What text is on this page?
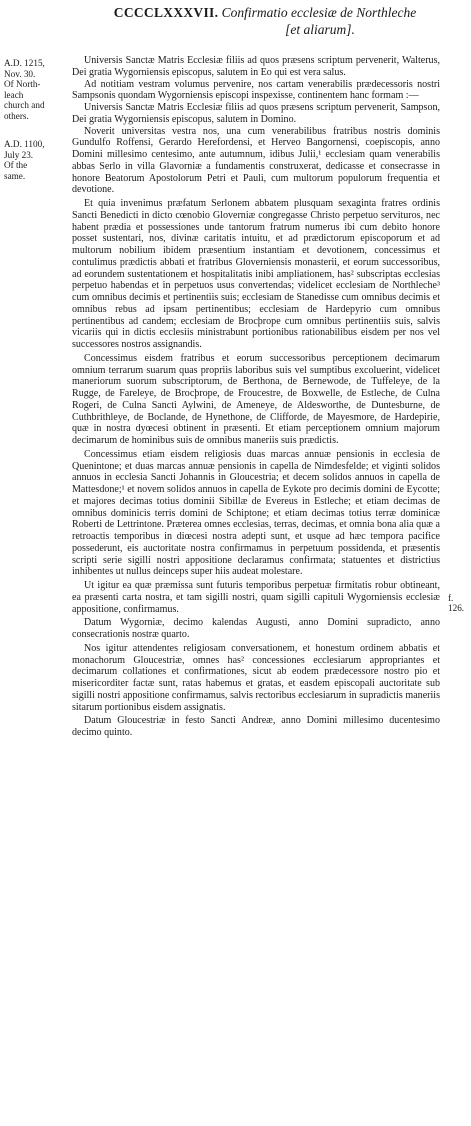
CCCCLXXXVII. Confirmatio ecclesiæ de Northleche
[et aliarum].
A.D. 1215,
Nov. 30.
Of North-
leach
church and
others.
A.D. 1100,
July 23.
Of the
same.
f. 126.

Universis Sanctæ Matris Ecclesiæ filiis ad quos præsens scriptum pervenerit, Walterus, Dei gratia Wygorniensis episcopus, salutem in Eo qui est vera salus.

Ad notitiam vestram volumus pervenire, nos cartam venerabilis prædecessoris nostri Sampsonis quondam Wygorniensis episcopi inspexisse, continentem hanc formam :—

Universis Sanctæ Matris Ecclesiæ filiis ad quos præsens scriptum pervenerit, Sampson, Dei gratia Wygorniensis episcopus, salutem in Domino.

Noverit universitas vestra nos, una cum venerabilibus fratribus nostris dominis Gundulfo Roffensi, Gerardo Herefordensi, et Herveo Bangornensi, coepiscopis, anno Domini millesimo centesimo, ante autumnum, idibus Julii,¹ ecclesiam quam venerabilis abbas Serlo in villa Glavorniæ a fundamentis construxerat, dedicasse et consecrasse in honore Beatorum Apostolorum Petri et Pauli, cum multorum populorum frequentia et devotione.

Et quia invenimus præfatum Serlonem abbatem plusquam sexaginta fratres ordinis Sancti Benedicti in dicto cœnobio Gloverniæ congregasse Christo perpetuo servituros, nec habent prædia et possessiones unde tantorum fratrum numerus ibi cum debito honore posset sustentari, nos, divinæ caritatis intuitu, et ad prædictorum episcoporum et ad multorum nobilium ibidem præsentium instantiam et devotionem, concessimus et contulimus prædictis abbati et fratribus Gloverniensis monasterii, et eorum successoribus, ad eorundem sustentationem et hospitalitatis inibi ampliationem, has² subscriptas ecclesias perpetuo habendas et in perpetuos usus convertendas; videlicet ecclesiam de Northleche³ cum omnibus decimis et pertinentiis suis; ecclesiam de Stanedisse cum omnibus decimis et omnibus rebus ad ipsam pertinentibus; ecclesiam de Hardepyrio cum omnibus pertinentibus ad candem; ecclesiam de Brocþrope cum omnibus pertinentiis suis, salvis vicariis qui in dictis ecclesiis ministrabunt portionibus rationabilibus eisdem per nos vel successores nostros assignandis.

Concessimus eisdem fratribus et eorum successoribus perceptionem decimarum omnium terrarum suarum quas propriis laboribus suis vel sumptibus excoluerint, videlicet maneriorum suorum subscriptorum, de Berthona, de Bernewode, de Tuffeleye, de la Rugge, de Fareleye, de Brocþrope, de Froucestre, de Boxwelle, de Estleche, de Culna Rogeri, de Culna Sancti Aylwini, de Ameneye, de Aldesworthe, de Duntesburne, de Cuthbrithleye, de Boclande, de Hynethone, de Clifforde, de Mayesmore, de Hardepirie, quæ in nostra dyœcesi obtinent in præsenti. Et etiam perceptionem omnium majorum decimarum de hominibus suis de omnibus maneriis suis prædictis.

Concessimus etiam eisdem religiosis duas marcas annuæ pensionis in ecclesia de Quenintone; et duas marcas annuæ pensionis in capella de Nimdesfelde; et viginti solidos annuos in ecclesia Sancti Johannis in Gloucestria; et decem solidos annuos in capella de Mattesdone;¹ et novem solidos annuos in capella de Eykote pro decimis domini de Eycotte; et majores decimas totius dominii Sibillæ de Evereus in Estleche; et etiam decimas de omnibus dominicis terris domini de Schiptone; et etiam decimas totius terræ dominicæ Roberti de Lettrintone. Præterea omnes ecclesias, terras, decimas, et omnia bona alia quæ a retroactis temporibus in diœcesi nostra adepti sunt, et usque ad hæc tempora pacifice possederunt, eis auctoritate nostra confirmamus in perpetuum possidenda, et præsentis scripti serie sigilli nostri appositione declaramus confirmata; statuentes et districtius inhibentes ut nullus deinceps super hiis audeat molestare.

Ut igitur ea quæ præmissa sunt futuris temporibus perpetuæ firmitatis robur obtineant, ea præsenti carta nostra, et tam sigilli nostri, quam sigilli capituli Wygorniensis ecclesiæ appositione, confirmamus.

Datum Wygorniæ, decimo kalendas Augusti, anno Domini supradicto, anno consecrationis nostræ quarto.

Nos igitur attendentes religiosam conversationem, et honestum ordinem abbatis et monachorum Gloucestriæ, omnes has² concessiones ecclesiarum appropriantes et decimarum collationes et confirmationes, sicut ab eodem prædecessore nostro pio et misericorditer factæ sunt, ratas habemus et gratas, et easdem episcopali auctoritate sub sigilli nostri appositione confirmamus, salvis rectoribus ecclesiarum in supradictis maneriis sitarum portionibus eisdem assignatis.

Datum Gloucestriæ in festo Sancti Andreæ, anno Domini millesimo ducentesimo decimo quinto.
